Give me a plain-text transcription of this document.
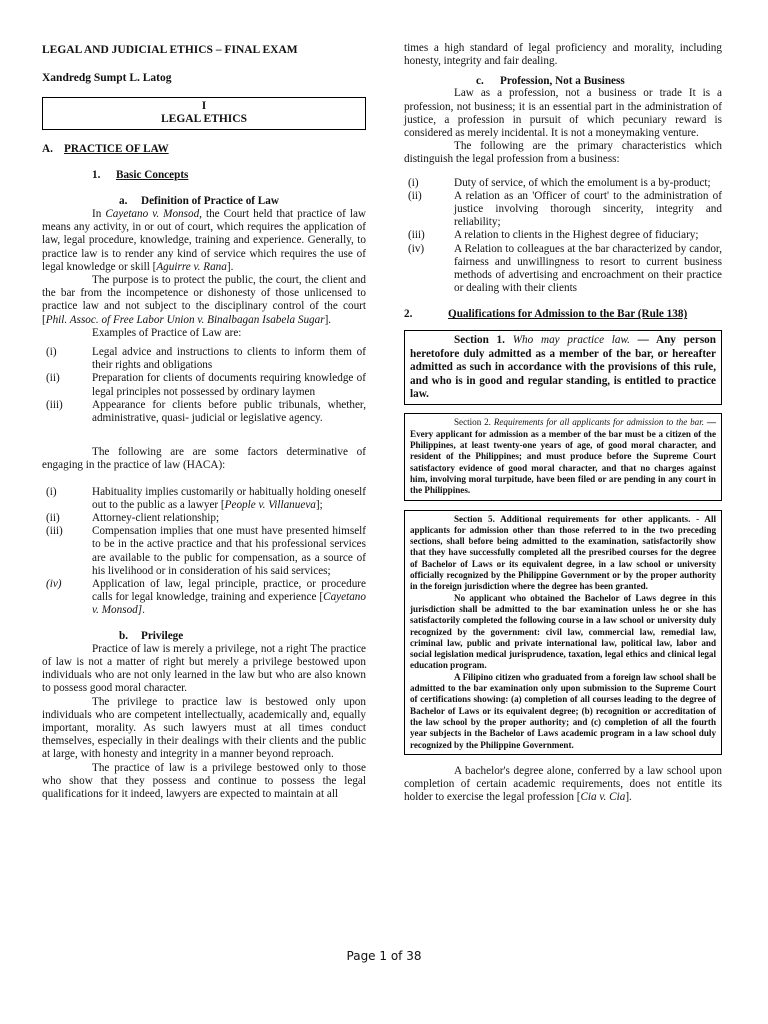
LEGAL AND JUDICIAL ETHICS – FINAL EXAM

Xandredg Sumpt L. Latog

I
LEGAL ETHICS
A. PRACTICE OF LAW
1.	Basic Concepts
a.	Definition of Practice of Law

In Cayetano v. Monsod, the Court held that practice of law means any activity, in or out of court, which requires the application of law, legal procedure, knowledge, training and experience. Generally, to practice law is to render any kind of service which requires the use of legal knowledge or skill [Aguirre v. Rana].

The purpose is to protect the public, the court, the client and the bar from the incompetence or dishonesty of those unlicensed to practice law and not subject to the disciplinary control of the court [Phil. Assoc. of Free Labor Union v. Binalbagan Isabela Sugar].

Examples of Practice of Law are:

(i)	Legal advice and instructions to clients to inform them of their rights and obligations
(ii)	Preparation for clients of documents requiring knowledge of legal principles not possessed by ordinary laymen
(iii)	Appearance for clients before public tribunals, whether, administrative, quasi- judicial or legislative agency.

The following are are some factors determinative of engaging in the practice of law (HACA):

(i)	Habituality implies customarily or habitually holding oneself out to the public as a lawyer [People v. Villanueva];
(ii)	Attorney-client relationship;
(iii)	Compensation implies that one must have presented himself to be in the active practice and that his professional services are available to the public for compensation, as a source of his livelihood or in consideration of his said services;
(iv)	Application of law, legal principle, practice, or procedure calls for legal knowledge, training and experience [Cayetano v. Monsod].
b.	Privilege

Practice of law is merely a privilege, not a right The practice of law is not a matter of right but merely a privilege bestowed upon individuals who are not only learned in the law but who are also known to possess good moral character.

The privilege to practice law is bestowed only upon individuals who are competent intellectually, academically and, equally important, morality. As such lawyers must at all times conduct themselves, especially in their dealings with their clients and the public at large, with honesty and integrity in a manner beyond reproach.

The practice of law is a privilege bestowed only to those who show that they possess and continue to possess the legal qualifications for it indeed, lawyers are expected to maintain at all

times a high standard of legal proficiency and morality, including honesty, integrity and fair dealing.

c.	Profession, Not a Business

Law as a profession, not a business or trade It is a profession, not business; it is an essential part in the administration of justice, a profession in pursuit of which pecuniary reward is considered as merely incidental. It is not a moneymaking venture.

The following are the primary characteristics which distinguish the legal profession from a business:

(i)	Duty of service, of which the emolument is a by-product;
(ii)	A relation as an 'Officer of court' to the administration of justice involving thorough sincerity, integrity and reliability;
(iii)	A relation to clients in the Highest degree of fiduciary;
(iv)	A Relation to colleagues at the bar characterized by candor, fairness and unwillingness to resort to current business methods of advertising and encroachment on their practice or dealing with their clients
2.	Qualifications for Admission to the Bar (Rule 138)
Section 1. Who may practice law. — Any person heretofore duly admitted as a member of the bar, or hereafter admitted as such in accordance with the provisions of this rule, and who is in good and regular standing, is entitled to practice law.
Section 2. Requirements for all applicants for admission to the bar. — Every applicant for admission as a member of the bar must be a citizen of the Philippines, at least twenty-one years of age, of good moral character, and resident of the Philippines; and must produce before the Supreme Court satisfactory evidence of good moral character, and that no charges against him, involving moral turpitude, have been filed or are pending in any court in the Philippines.

Section 5. Additional requirements for other applicants. - All applicants for admission other than those referred to in the two preceding sections, shall before being admitted to the examination, satisfactorily show that they have successfully completed all the presribed courses for the degree of Bachelor of Laws or its equivalent degree, in a law school or university officially recognized by the Philippine Government or by the proper authority in the foreign jurisdiction where the degree has been granted.

No applicant who obtained the Bachelor of Laws degree in this jurisdiction shall be admitted to the bar examination unless he or she has satisfactorily completed the following course in a law school or university duly recognized by the government: civil law, commercial law, remedial law, criminal law, public and private international law, political law, labor and social legislation medical jurisprudence, taxation, legal ethics and clinical legal education program.

A Filipino citizen who graduated from a foreign law school shall be admitted to the bar examination only upon submission to the Supreme Court of certifications showing: (a) completion of all courses leading to the degree of Bachelor of Laws or its equivalent degree; (b) recognition or accreditation of the law school by the proper authority; and (c) completion of all the fourth year subjects in the Bachelor of Laws academic program in a law school duly recognized by the Philippine Government.

A bachelor's degree alone, conferred by a law school upon completion of certain academic requirements, does not entitle its holder to exercise the legal profession [Cia v. Cia].

Page 1 of 38
